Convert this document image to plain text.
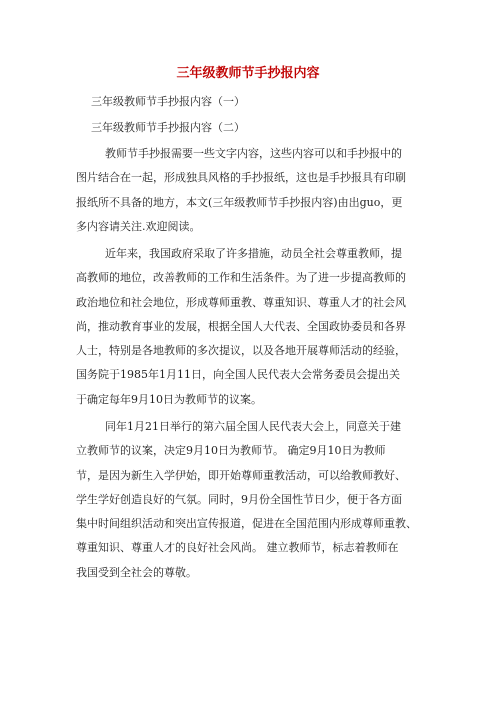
三年级教师节手抄报内容
三年级教师节手抄报内容（一）
三年级教师节手抄报内容（二）
教师节手抄报需要一些文字内容，这些内容可以和手抄报中的
图片结合在一起，形成独具风格的手抄报纸，这也是手抄报具有印刷
报纸所不具备的地方，本文(三年级教师节手抄报内容)由出guo，更
多内容请关注.欢迎阅读。
近年来，我国政府采取了许多措施，动员全社会尊重教师，提
高教师的地位，改善教师的工作和生活条件。为了进一步提高教师的
政治地位和社会地位，形成尊师重教、尊重知识、尊重人才的社会风
尚，推动教育事业的发展，根据全国人大代表、全国政协委员和各界
人士，特别是各地教师的多次提议，以及各地开展尊师活动的经验，
国务院于1985年1月11日，向全国人民代表大会常务委员会提出关
于确定每年9月10日为教师节的议案。
同年1月21日举行的第六届全国人民代表大会上，同意关于建
立教师节的议案，决定9月10日为教师节。 确定9月10日为教师
节，是因为新生入学伊始，即开始尊师重教活动，可以给教师教好、
学生学好创造良好的气氛。同时，9月份全国性节日少，便于各方面
集中时间组织活动和突出宣传报道，促进在全国范围内形成尊师重教、
尊重知识、尊重人才的良好社会风尚。 建立教师节，标志着教师在
我国受到全社会的尊敬。
